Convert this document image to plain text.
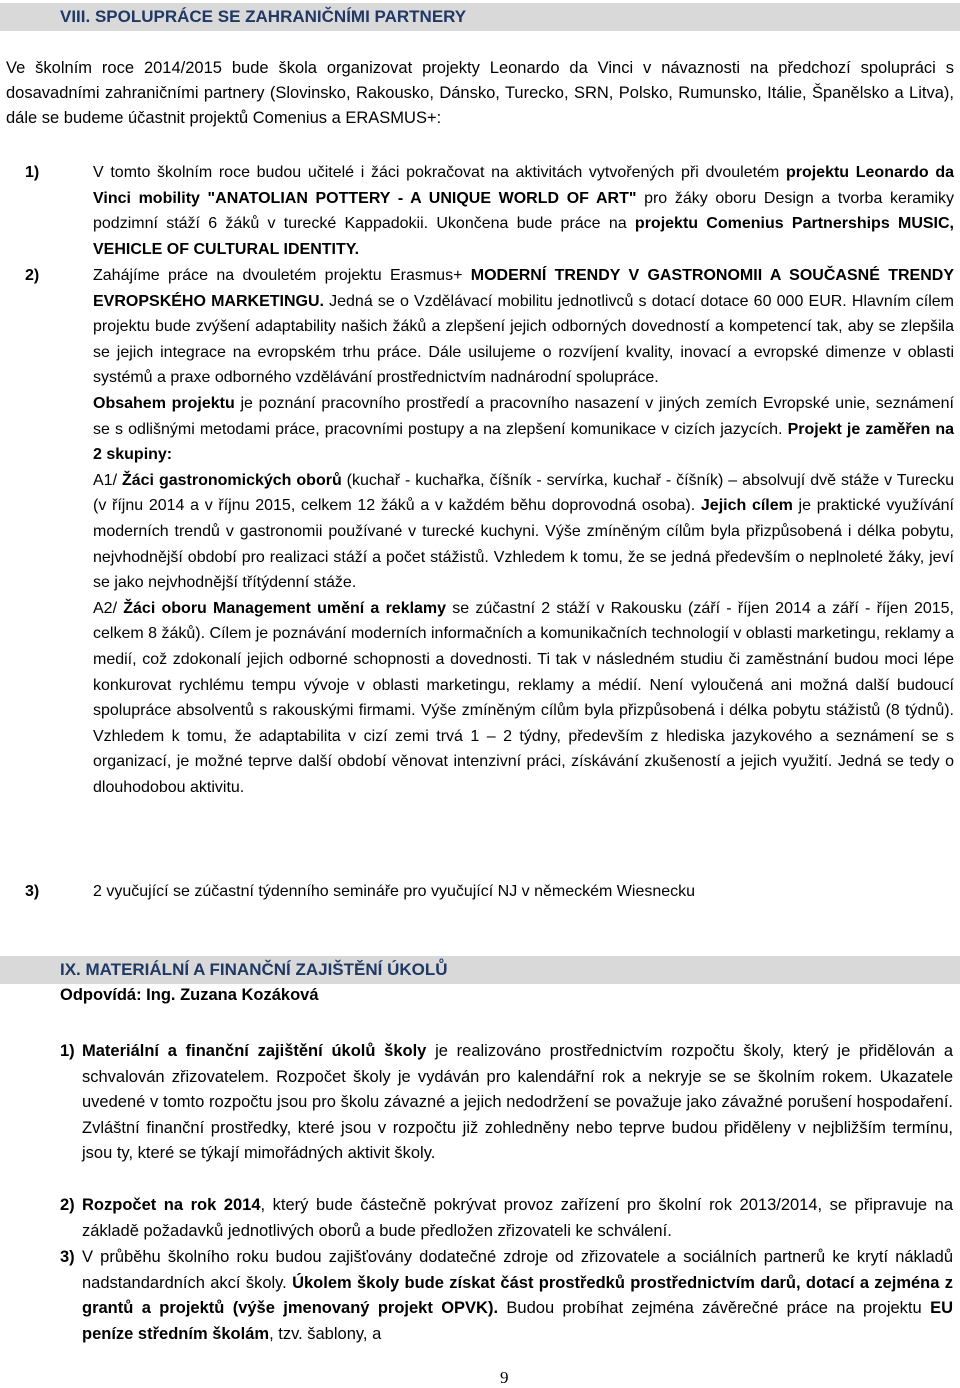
VIII. SPOLUPRÁCE SE ZAHRANIČNÍMI PARTNERY
Ve školním roce 2014/2015 bude škola organizovat projekty Leonardo da Vinci v návaznosti na předchozí spolupráci s dosavadními zahraničními partnery (Slovinsko, Rakousko, Dánsko, Turecko, SRN, Polsko, Rumunsko, Itálie, Španělsko a Litva), dále se budeme účastnit projektů Comenius a ERASMUS+:
1)	V tomto školním roce budou učitelé i žáci pokračovat na aktivitách vytvořených při dvouletém projektu Leonardo da Vinci mobility "ANATOLIAN POTTERY - A UNIQUE WORLD OF ART" pro žáky oboru Design a tvorba keramiky podzimní stáží 6 žáků v turecké Kappadokii. Ukončena bude práce na projektu Comenius Partnerships MUSIC, VEHICLE OF CULTURAL IDENTITY.

2)	Zahájíme práce na dvouletém projektu Erasmus+ MODERNÍ TRENDY V GASTRONOMII A SOUČASNÉ TRENDY EVROPSKÉHO MARKETINGU. Jedná se o Vzdělávací mobilitu jednotlivců s dotací dotace 60 000 EUR. Hlavním cílem projektu bude zvýšení adaptability našich žáků a zlepšení jejich odborných dovedností a kompetencí tak, aby se zlepšila se jejich integrace na evropském trhu práce. Dále usilujeme o rozvíjení kvality, inovací a evropské dimenze v oblasti systémů a praxe odborného vzdělávání prostřednictvím nadnárodní spolupráce.

Obsahem projektu je poznání pracovního prostředí a pracovního nasazení v jiných zemích Evropské unie, seznámení se s odlišnými metodami práce, pracovními postupy a na zlepšení komunikace v cizích jazycích. Projekt je zaměřen na 2 skupiny:

A1/ Žáci gastronomických oborů (kuchař - kuchařka, číšník - servírka, kuchař - číšník) – absolvují dvě stáže v Turecku (v říjnu 2014 a v říjnu 2015, celkem 12 žáků a v každém běhu doprovodná osoba). Jejich cílem je praktické využívání moderních trendů v gastronomii používané v turecké kuchyni. Výše zmíněným cílům byla přizpůsobená i délka pobytu, nejvhodnější období pro realizaci stáží a počet stážistů. Vzhledem k tomu, že se jedná především o neplnoleté žáky, jeví se jako nejvhodnější třítýdenní stáže.

A2/ Žáci oboru Management umění a reklamy se zúčastní 2 stáží v Rakousku (září - říjen 2014 a září - říjen 2015, celkem 8 žáků). Cílem je poznávání moderních informačních a komunikačních technologií v oblasti marketingu, reklamy a medií, což zdokonalí jejich odborné schopnosti a dovednosti. Ti tak v následném studiu či zaměstnání budou moci lépe konkurovat rychlému tempu vývoje v oblasti marketingu, reklamy a médií. Není vyloučená ani možná další budoucí spolupráce absolventů s rakouskými firmami. Výše zmíněným cílům byla přizpůsobená i délka pobytu stážistů (8 týdnů). Vzhledem k tomu, že adaptabilita v cizí zemi trvá 1 – 2 týdny, především z hlediska jazykového a seznámení se s organizací, je možné teprve další období věnovat intenzivní práci, získávání zkušeností a jejich využití. Jedná se tedy o dlouhodobou aktivitu.

3)	2 vyučující se zúčastní týdenního semináře pro vyučující NJ v německém Wiesnecku

IX. MATERIÁLNÍ A FINANČNÍ ZAJIŠTĚNÍ ÚKOLŮ
Odpovídá: Ing. Zuzana Kozáková
1) Materiální a finanční zajištění úkolů školy je realizováno prostřednictvím rozpočtu školy, který je přidělován a schvalován zřizovatelem. Rozpočet školy je vydáván pro kalendářní rok a nekryje se se školním rokem. Ukazatele uvedené v tomto rozpočtu jsou pro školu závazné a jejich nedodržení se považuje jako závažné porušení hospodaření. Zvláštní finanční prostředky, které jsou v rozpočtu již zohledněny nebo teprve budou přiděleny v nejbližším termínu, jsou ty, které se týkají mimořádných aktivit školy.
2) Rozpočet na rok 2014, který bude částečně pokrývat provoz zařízení pro školní rok 2013/2014, se připravuje na základě požadavků jednotlivých oborů a bude předložen zřizovateli ke schválení.
3) V průběhu školního roku budou zajišťovány dodatečné zdroje od zřizovatele a sociálních partnerů ke krytí nákladů nadstandardních akcí školy. Úkolem školy bude získat část prostředků prostřednictvím darů, dotací a zejména z grantů a projektů (výše jmenovaný projekt OPVK). Budou probíhat zejména závěrečné práce na projektu EU peníze středním školám, tzv. šablony, a
9
